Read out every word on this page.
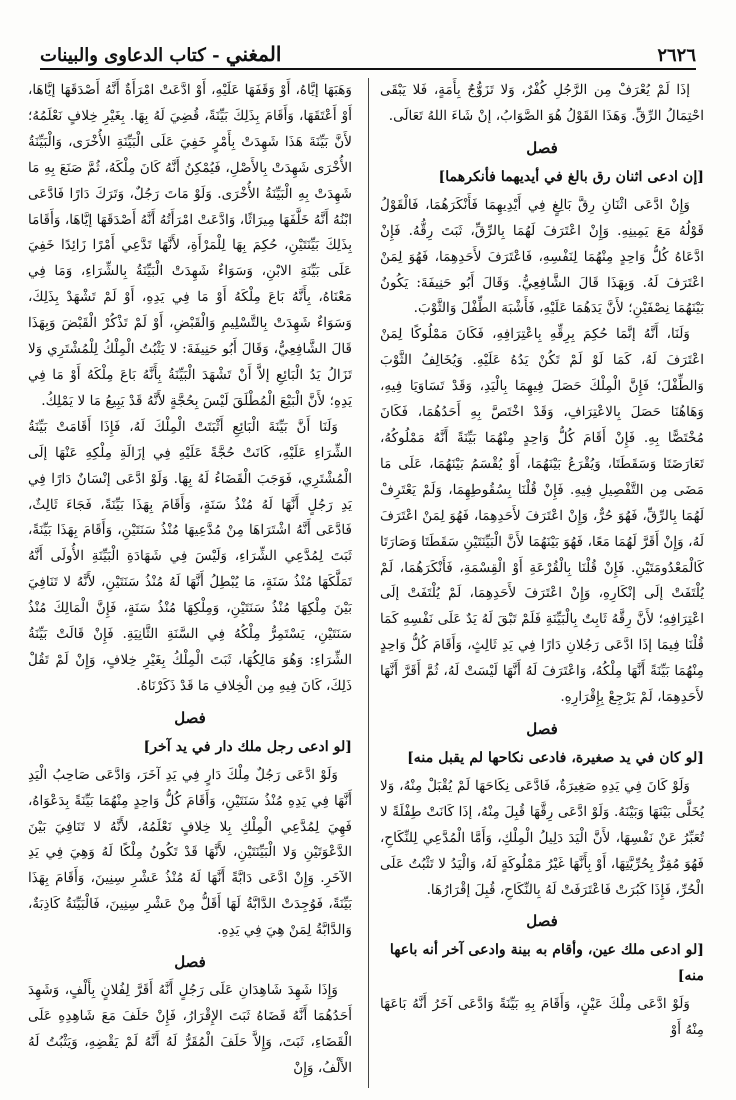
المغني - كتاب الدعاوى والبينات	٢٦٢٦

إذَا لَمْ يُعْرَفْ مِن الرَّجُلِ كُفْرٌ، وَلا تَزَوُّجٌ بِأَمَةٍ، فَلا يَبْقَى احْتِمَالُ الرِّقِّ. وَهَذَا القَوْلُ هُوَ الصَّوَابُ، إنْ شَاءَ اللهُ تَعَالَى.

فصل
[إن ادعى اثنان رق بالغ في أيديهما فأنكرهما]

وَإِنْ ادَّعَى اثْنَانِ رِقَّ بَالِغٍ فِي أَيْدِيهِمَا فَأَنْكَرَهُمَا، فَالْقَوْلُ قَوْلُهُ مَعَ يَمِينِهِ. وَإِنْ اعْتَرَفَ لَهُمَا بِالرِّقِّ، ثَبَتَ رِقُّهُ. فَإِنْ ادَّعَاهُ كُلُّ وَاحِدٍ مِنْهُمَا لِنَفْسِهِ، فَاعْتَرَفَ لأَحَدِهِمَا، فَهُوَ لِمَنْ اعْتَرَفَ لَهُ. وَبِهَذَا قَالَ الشَّافِعِيُّ. وَقَالَ أَبُو حَنِيفَةَ: يَكُونُ بَيْنَهُمَا نِصْفَيْنِ؛ لأَنَّ يَدَهُمَا عَلَيْهِ، فَأَشْبَهَ الطِّفْلَ وَالثَّوْبَ.

وَلَنَا، أَنَّهُ إنَّمَا حُكِمَ بِرِقِّهِ بِاعْتِرَافِهِ، فَكَانَ مَمْلُوكًا لِمَنْ اعْتَرَفَ لَهُ، كَمَا لَوْ لَمْ تَكُنْ يَدُهُ عَلَيْهِ. وَيُخَالِفُ الثَّوْبَ وَالطِّفْلَ؛ فَإِنَّ الْمِلْكَ حَصَلَ فِيهِمَا بِالْيَدِ، وَقَدْ تَسَاوَيَا فِيهِ، وَهَاهُنَا حَصَلَ بِالاعْتِرَافِ، وَقَدْ اخْتَصَّ بِهِ أَحَدُهُمَا، فَكَانَ مُخْتَصًّا بِهِ. فَإِنْ أَقَامَ كُلُّ وَاحِدٍ مِنْهُمَا بَيِّنَةً أَنَّهُ مَمْلُوكُهُ، تَعَارَضَتَا وَسَقَطَتَا، وَيُقْرَعُ بَيْنَهُمَا، أَوْ يُقْسَمُ بَيْنَهُمَا، عَلَى مَا مَضَى مِن التَّفْصِيلِ فِيهِ. فَإِنْ قُلْنَا بِسُقُوطِهِمَا، وَلَمْ يَعْتَرِفْ لَهُمَا بِالرِّقِّ، فَهُوَ حُرٌّ، وَإِنْ اعْتَرَفَ لأَحَدِهِمَا، فَهُوَ لِمَنْ اعْتَرَفَ لَهُ، وَإِنْ أَقَرَّ لَهُمَا مَعًا، فَهُوَ بَيْنَهُمَا لأَنَّ الْبَيِّنَتَيْنِ سَقَطَتَا وَصَارَتَا كَالْمَعْدُومَتَيْنِ. فَإِنْ قُلْنَا بِالْقُرْعَةِ أَوْ الْقِسْمَةِ، فَأَنْكَرَهُمَا، لَمْ يُلْتَفَتْ إلَى إنْكَارِهِ، وَإِنْ اعْتَرَفَ لأَحَدِهِمَا، لَمْ يُلْتَفَتْ إلَى اعْتِرَافِهِ؛ لأَنَّ رِقَّهُ ثَابِتٌ بِالْبَيِّنَةِ فَلَمْ تَبْقَ لَهُ يَدٌ عَلَى نَفْسِهِ كَمَا قُلْنَا فِيمَا إذَا ادَّعَى رَجُلانِ دَارًا فِي يَدِ ثَالِثٍ، وَأَقَامَ كُلُّ وَاحِدٍ مِنْهُمَا بَيِّنَةً أَنَّهَا مِلْكُهُ، وَاعْتَرَفَ لَهُ أَنَّهَا لَيْسَتْ لَهُ، ثُمَّ أَقَرَّ أَنَّهَا لأَحَدِهِمَا، لَمْ يَرْجِعْ بِإِقْرَارِهِ.

فصل
[لو كان في يد صغيرة، فادعى نكاحها لم يقبل منه]

وَلَوْ كَانَ فِي يَدِهِ صَغِيرَةٌ، فَادَّعَى نِكَاحَهَا لَمْ يُقْبَلْ مِنْهُ، وَلا يُخَلَّى بَيْنَهَا وَبَيْنَهُ. وَلَوْ ادَّعَى رِقَّهَا قُبِلَ مِنْهُ، إذَا كَانَتْ طِفْلَةً لا تُعَبِّرُ عَنْ نَفْسِهَا، لأَنَّ الْيَدَ دَلِيلُ الْمِلْكِ، وَأَمَّا الْمُدَّعِي لِلنِّكَاحِ، فَهُوَ مُقِرٌّ بِحُرِّيَّتِهَا، أَوْ بِأَنَّهَا غَيْرُ مَمْلُوكَةٍ لَهُ، وَالْيَدُ لا تَثْبُتُ عَلَى الْحُرِّ، فَإِذَا كَبُرَتْ فَاعْتَرَفَتْ لَهُ بِالنِّكَاحِ، قُبِلَ إقْرَارُهَا.

فصل
[لو ادعى ملك عين، وأقام به بينة وادعى آخر أنه باعها منه]

وَلَوْ ادَّعَى مِلْكَ عَيْنٍ، وَأَقَامَ بِهِ بَيِّنَةً وَادَّعَى آخَرُ أَنَّهُ بَاعَهَا مِنْهُ أَوْ

وَهَبَهَا إيَّاهُ، أَوْ وَقَفَهَا عَلَيْهِ، أَوْ ادَّعَتْ امْرَأَةٌ أَنَّهُ أَصْدَقَهَا إيَّاهَا، أَوْ أَعْتَقَهَا، وَأَقَامَ بِذَلِكَ بَيِّنَةً، قُضِيَ لَهُ بِهَا. بِغَيْرِ خِلافٍ نَعْلَمُهُ؛ لأَنَّ بَيِّنَةَ هَذَا شَهِدَتْ بِأَمْرٍ خَفِيَ عَلَى الْبَيِّنَةِ الأُخْرَى، وَالْبَيِّنَةُ الأُخْرَى شَهِدَتْ بِالأَصْلِ، فَيُمْكِنُ أَنَّهُ كَانَ مِلْكَهُ، ثُمَّ صَنَعَ بِهِ مَا شَهِدَتْ بِهِ الْبَيِّنَةُ الأُخْرَى. وَلَوْ مَاتَ رَجُلٌ، وَتَرَكَ دَارًا فَادَّعَى ابْنُهُ أَنَّهُ خَلَّفَهَا مِيرَاثًا، وَادَّعَتْ امْرَأَتُهُ أَنَّهُ أَصْدَقَهَا إيَّاهَا، وَأَقَامَا بِذَلِكَ بَيِّنَتَيْنِ، حُكِمَ بِهَا لِلْمَرْأَةِ، لأَنَّهَا تَدَّعِي أَمْرًا زَائِدًا خَفِيَ عَلَى بَيِّنَةِ الابْنِ، وَسَوَاءٌ شَهِدَتْ الْبَيِّنَةُ بِالشِّرَاءِ، وَمَا فِي مَعْنَاهُ، بِأَنَّهُ بَاعَ مِلْكَهُ أَوْ مَا فِي يَدِهِ، أَوْ لَمْ تَشْهَدْ بِذَلِكَ، وَسَوَاءٌ شَهِدَتْ بِالتَّسْلِيمِ وَالْقَبْضِ، أَوْ لَمْ تَذْكُرْ الْقَبْضَ وَبِهَذَا قَالَ الشَّافِعِيُّ، وَقَالَ أَبُو حَنِيفَةَ: لا يَثْبُتُ الْمِلْكُ لِلْمُشْتَرِي وَلا تَزَالُ يَدُ الْبَائِعِ إلاَّ أَنْ تَشْهَدَ الْبَيِّنَةُ بِأَنَّهُ بَاعَ مِلْكَهُ أَوْ مَا فِي يَدِهِ؛ لأَنَّ الْبَيْعَ الْمُطْلَقَ لَيْسَ بِحُجَّةٍ لأَنَّهُ قَدْ يَبِيعُ مَا لا يَمْلِكُ.

وَلَنَا أَنَّ بَيِّنَةَ الْبَائِعِ أَثْبَتَتْ الْمِلْكَ لَهُ، فَإِذَا أَقَامَتْ بَيِّنَةُ الشِّرَاءِ عَلَيْهِ، كَانَتْ حُجَّةً عَلَيْهِ فِي إزَالَةِ مِلْكِهِ عَنْهَا إلَى الْمُشْتَرِي، فَوَجَبَ الْقَضَاءُ لَهُ بِهَا. وَلَوْ ادَّعَى إنْسَانٌ دَارًا فِي يَدِ رَجُلٍ أَنَّهَا لَهُ مُنْذُ سَنَةٍ، وَأَقَامَ بِهَذَا بَيِّنَةً، فَجَاءَ ثَالِثٌ، فَادَّعَى أَنَّهُ اشْتَرَاهَا مِنْ مُدَّعِيهَا مُنْذُ سَنَتَيْنِ، وَأَقَامَ بِهَذَا بَيِّنَةً، ثَبَتَ لِمُدَّعِي الشِّرَاءِ، وَلَيْسَ فِي شَهَادَةِ الْبَيِّنَةِ الأُولَى أَنَّهُ تَمَلَّكَهَا مُنْذُ سَنَةٍ، مَا يُبْطِلُ أَنَّهَا لَهُ مُنْذُ سَنَتَيْنِ، لأَنَّهُ لا تَنَافِيَ بَيْنَ مِلْكِهَا مُنْذُ سَنَتَيْنِ، وَمِلْكِهَا مُنْذُ سَنَةٍ، فَإِنَّ الْمَالِكَ مُنْذُ سَنَتَيْنِ، يَسْتَمِرُّ مِلْكُهُ فِي السَّنَةِ الثَّانِيَةِ. فَإِنْ قَالَتْ بَيِّنَةُ الشِّرَاءِ: وَهُوَ مَالِكُهَا، ثَبَتَ الْمِلْكُ بِغَيْرِ خِلافٍ، وَإِنْ لَمْ تَقُلْ ذَلِكَ، كَانَ فِيهِ مِن الْخِلافِ مَا قَدْ ذَكَرْنَاهُ.

فصل
[لو ادعى رجل ملك دار في يد آخر]

وَلَوْ ادَّعَى رَجُلٌ مِلْكَ دَارٍ فِي يَدِ آخَرَ، وَادَّعَى صَاحِبُ الْيَدِ أَنَّهَا فِي يَدِهِ مُنْذُ سَنَتَيْنِ، وَأَقَامَ كُلُّ وَاحِدٍ مِنْهُمَا بَيِّنَةً بِدَعْوَاهُ، فَهِيَ لِمُدَّعِي الْمِلْكِ بِلا خِلافٍ نَعْلَمُهُ، لأَنَّهُ لا تَنَافِيَ بَيْنَ الدَّعْوَتَيْنِ وَلا الْبَيِّنَتَيْنِ، لأَنَّهَا قَدْ تَكُونُ مِلْكًا لَهُ وَهِيَ فِي يَدِ الآخَرِ. وَإِنْ ادَّعَى دَابَّةً أَنَّهَا لَهُ مُنْذُ عَشْرِ سِنِينَ، وَأَقَامَ بِهَذَا بَيِّنَةً، فَوُجِدَتْ الدَّابَّةُ لَهَا أَقَلُّ مِنْ عَشْرِ سِنِينَ، فَالْبَيِّنَةُ كَاذِبَةٌ، وَالدَّابَّةُ لِمَنْ هِيَ فِي يَدِهِ.

فصل

وَإِذَا شَهِدَ شَاهِدَانِ عَلَى رَجُلٍ أَنَّهُ أَقَرَّ لِفُلانٍ بِأَلْفٍ، وَشَهِدَ أَحَدُهُمَا أَنَّهُ قَضَاهُ ثَبَتَ الإِقْرَارُ، فَإِنْ حَلَفَ مَعَ شَاهِدِهِ عَلَى الْقَضَاءِ، ثَبَتَ، وَإِلاَّ حَلَفَ الْمُقَرُّ لَهُ أَنَّهُ لَمْ يَقْضِهِ، وَيَثْبُتُ لَهُ الأَلْفُ، وَإِنْ
